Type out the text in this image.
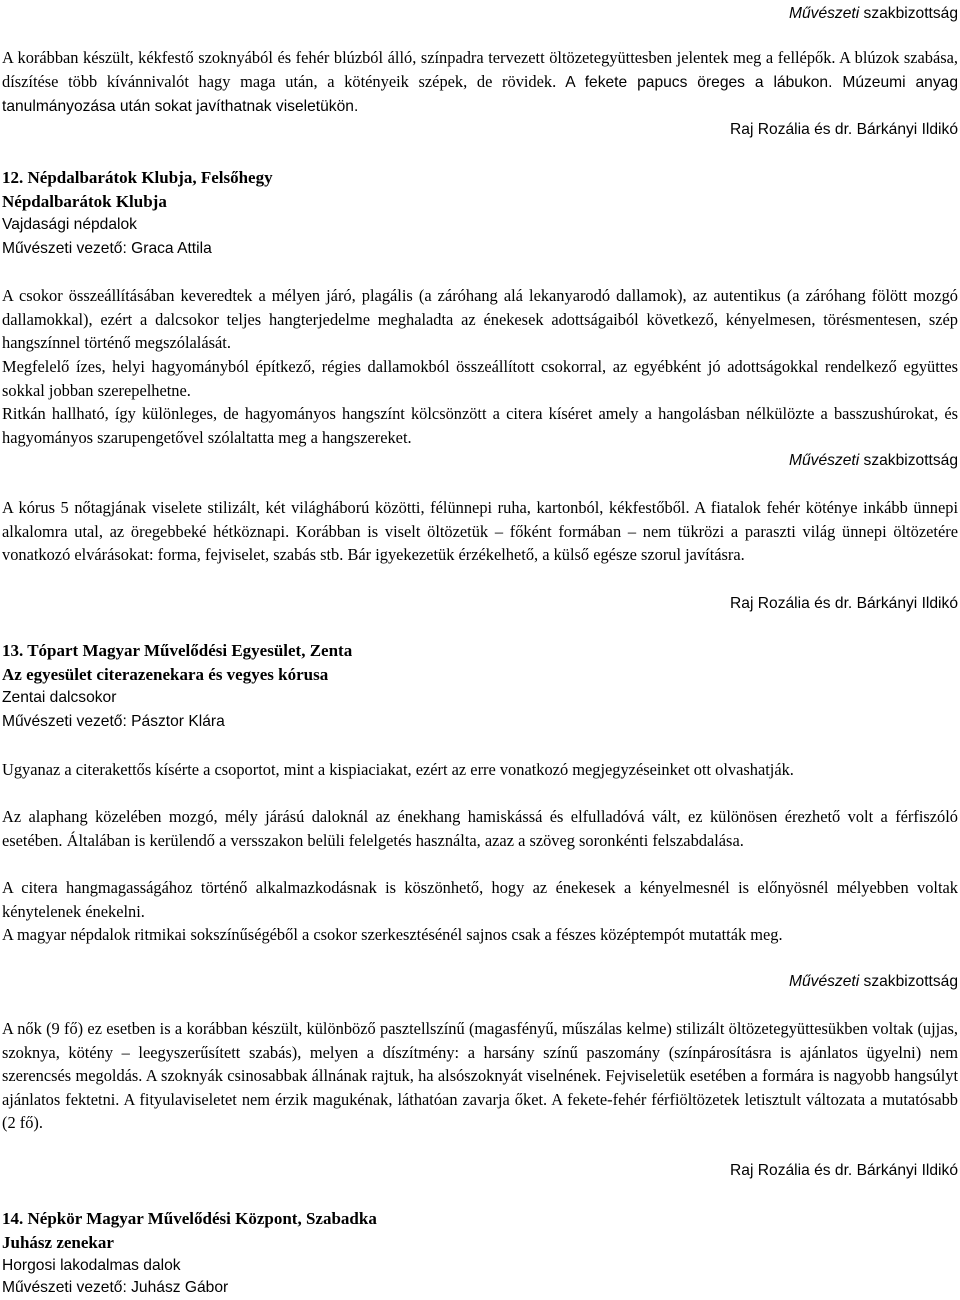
Művészeti szakbizottság
A korábban készült, kékfestő szoknyából és fehér blúzból álló, színpadra tervezett öltözetegyüttesben jelentek meg a fellépők. A blúzok szabása, díszítése több kívánnivalót hagy maga után, a kötényeik szépek, de rövidek. A fekete papucs öreges a lábukon. Múzeumi anyag tanulmányozása után sokat javíthatnak viseletükön.
Raj Rozália és dr. Bárkányi Ildikó
12. Népdalbarátok Klubja, Felsőhegy
Népdalbarátok Klubja
Vajdasági népdalok
Művészeti vezető: Graca Attila
A csokor összeállításában keveredtek a mélyen járó, plagális (a záróhang alá lekanyarodó dallamok), az autentikus (a záróhang fölött mozgó dallamokkal), ezért a dalcsokor teljes hangterjedelme meghaladta az énekesek adottságaiból következő, kényelmesen, törésmentesen, szép hangszínnel történő megszólalását.
Megfelelő ízes, helyi hagyományból építkező, régies dallamokból összeállított csokorral, az egyébként jó adottságokkal rendelkező együttes sokkal jobban szerepelhetne.
Ritkán hallható, így különleges, de hagyományos hangszínt kölcsönzött a citera kíséret amely a hangolásban nélkülözte a basszushúrokat, és hagyományos szarupengetővel szólaltatta meg a hangszereket.
Művészeti szakbizottság
A kórus 5 nőtagjának viselete stilizált, két világháború közötti, félünnepi ruha, kartonból, kékfestőből. A fiatalok fehér kötényе inkább ünnepi alkalomra utal, az öregebbeké hétköznapi. Korábban is viselt öltözetük – főként formában – nem tükrözi a paraszti világ ünnepi öltözetére vonatkozó elvárásokat: forma, fejviselet, szabás stb. Bár igyekezetük érzékelhető, a külső egésze szorul javításra.
Raj Rozália és dr. Bárkányi Ildikó
13. Tópart Magyar Művelődési Egyesület, Zenta
Az egyesület citerazenekara és vegyes kórusa
Zentai dalcsokor
Művészeti vezető: Pásztor Klára
Ugyanaz a citerakettős kísérte a csoportot, mint a kispiaciakat, ezért az erre vonatkozó megjegyzéseinket ott olvashatják.
Az alaphang közelében mozgó, mély járású daloknál az énekhang hamiskássá és elfulladóvá vált, ez különösen érezhető volt a férfiszóló esetében. Általában is kerülendő a versszakon belüli felelgetés használta, azaz a szöveg soronkénti felszabdalása.
A citera hangmagasságához történő alkalmazkodásnak is köszönhető, hogy az énekesek a kényelmesnél is előnyösnél mélyebben voltak kénytelenek énekelni.
A magyar népdalok ritmikai sokszínűségéből a csokor szerkesztésénél sajnos csak a fészes középtempót mutatták meg.
Művészeti szakbizottság
A nők (9 fő) ez esetben is a korábban készült, különböző pasztellszínű (magasfényű, műszálas kelme) stilizált öltözetegyüttesükben voltak (ujjas, szoknya, kötény – leegyszerűsített szabás), melyen a díszítmény: a harsány színű paszomány (színpárosításra is ajánlatos ügyelni) nem szerencsés megoldás. A szoknyák csinosabbak állnának rajtuk, ha alsószoknyát viselnének. Fejviseletük esetében a formára is nagyobb hangsúlyt ajánlatos fektetni. A fityulaviseletet nem érzik magukénak, láthatóan zavarja őket. A fekete-fehér férfiöltözetek letisztult változata a mutatósabb (2 fő).
Raj Rozália és dr. Bárkányi Ildikó
14. Népkör Magyar Művelődési Központ, Szabadka
Juhász zenekar
Horgosi lakodalmas dalok
Művészeti vezető: Juhász Gábor
